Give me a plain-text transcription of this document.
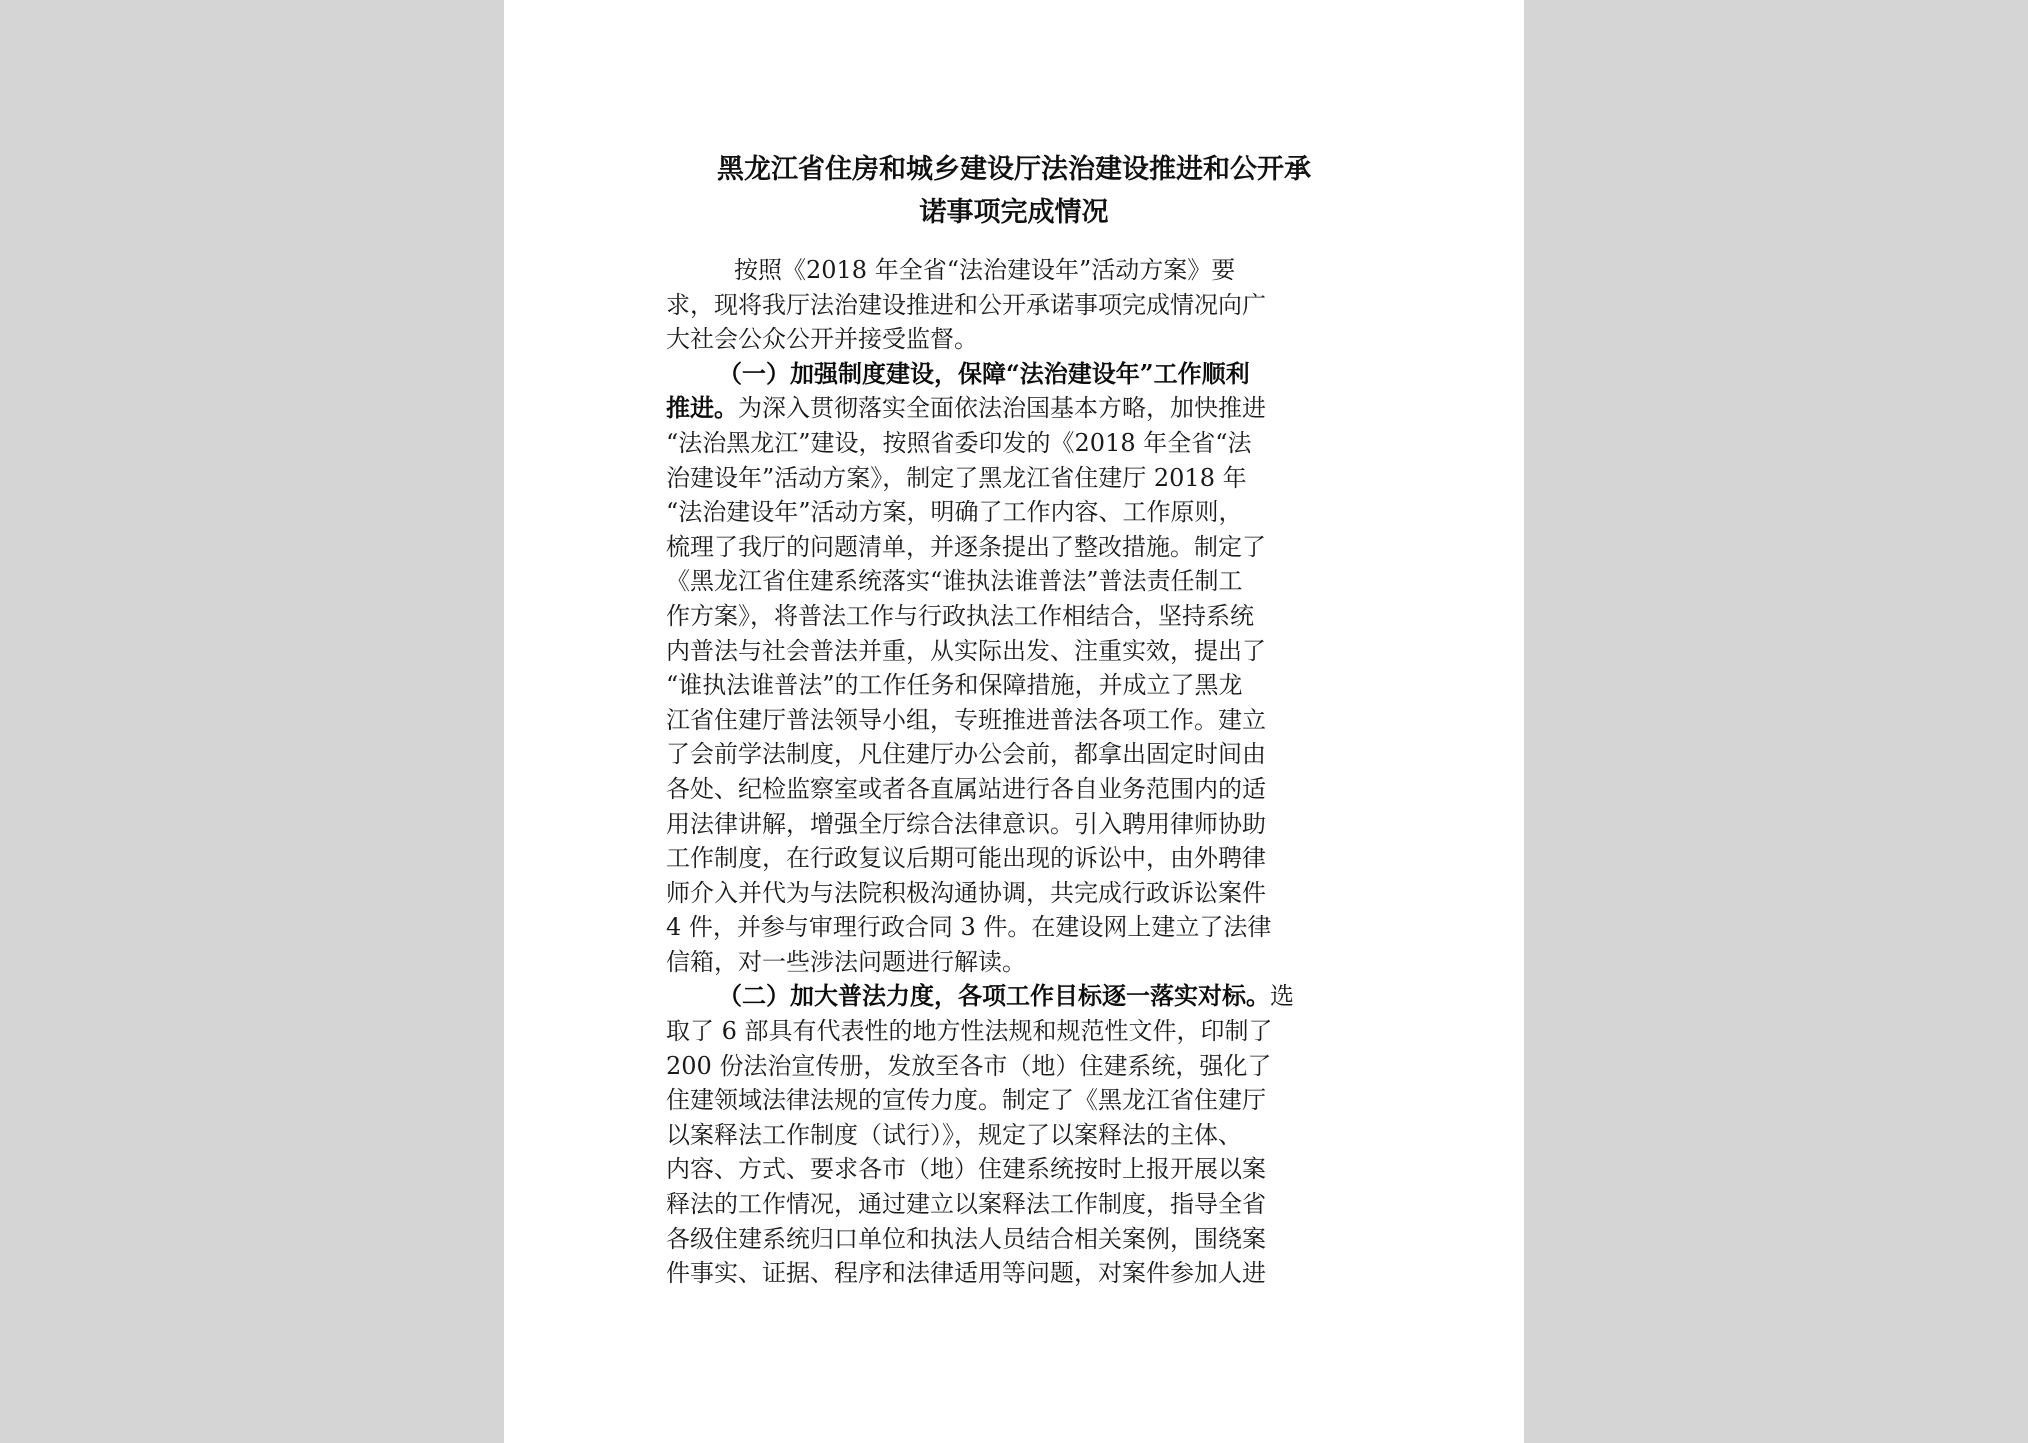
黑龙江省住房和城乡建设厅法治建设推进和公开承
诺事项完成情况
按照《2018 年全省“法治建设年”活动方案》要
求，现将我厅法治建设推进和公开承诺事项完成情况向广
大社会公众公开并接受监督。
（一）加强制度建设，保障“法治建设年”工作顺利
推进。为深入贯彻落实全面依法治国基本方略，加快推进
“法治黑龙江”建设，按照省委印发的《2018 年全省“法
治建设年”活动方案》，制定了黑龙江省住建厅 2018 年
“法治建设年”活动方案，明确了工作内容、工作原则，
梳理了我厅的问题清单，并逐条提出了整改措施。制定了
《黑龙江省住建系统落实“谁执法谁普法”普法责任制工
作方案》，将普法工作与行政执法工作相结合，坚持系统
内普法与社会普法并重，从实际出发、注重实效，提出了
“谁执法谁普法”的工作任务和保障措施，并成立了黑龙
江省住建厅普法领导小组，专班推进普法各项工作。建立
了会前学法制度，凡住建厅办公会前，都拿出固定时间由
各处、纪检监察室或者各直属站进行各自业务范围内的适
用法律讲解，增强全厅综合法律意识。引入聘用律师协助
工作制度，在行政复议后期可能出现的诉讼中，由外聘律
师介入并代为与法院积极沟通协调，共完成行政诉讼案件
4 件，并参与审理行政合同 3 件。在建设网上建立了法律
信箱，对一些涉法问题进行解读。
（二）加大普法力度，各项工作目标逐一落实对标。选
取了 6 部具有代表性的地方性法规和规范性文件，印制了
200 份法治宣传册，发放至各市（地）住建系统，强化了
住建领域法律法规的宣传力度。制定了《黑龙江省住建厅
以案释法工作制度（试行）》，规定了以案释法的主体、
内容、方式、要求各市（地）住建系统按时上报开展以案
释法的工作情况，通过建立以案释法工作制度，指导全省
各级住建系统归口单位和执法人员结合相关案例，围绕案
件事实、证据、程序和法律适用等问题，对案件参加人进
